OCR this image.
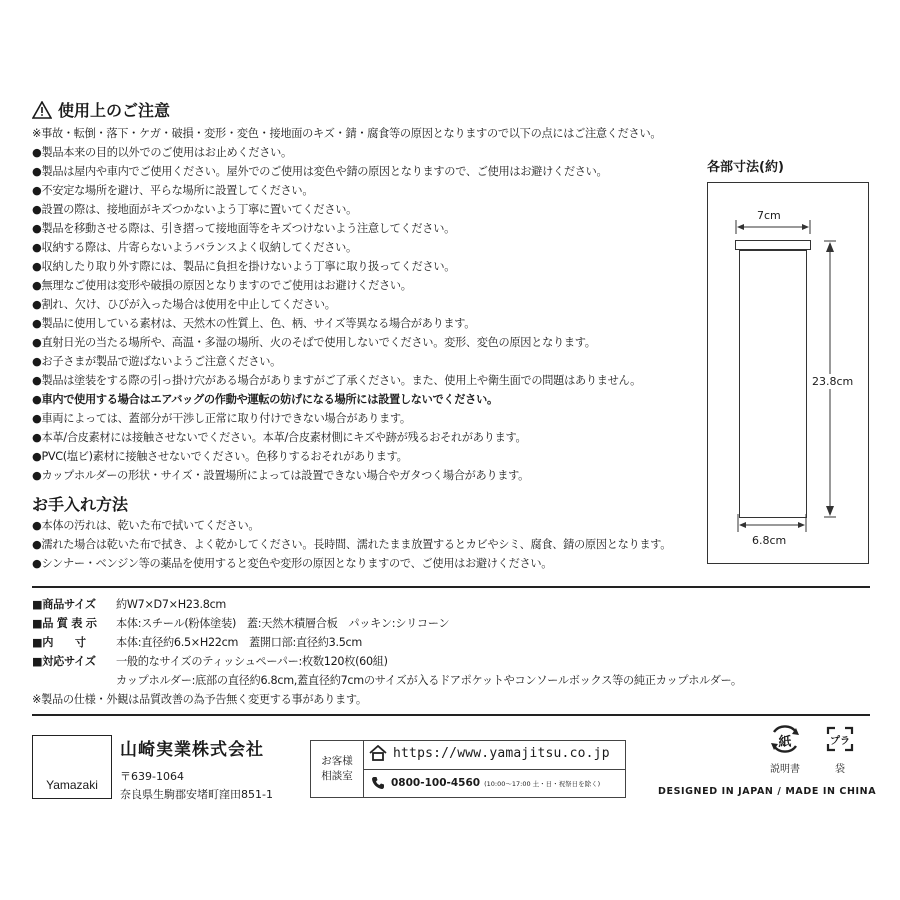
使用上のご注意
※事故・転倒・落下・ケガ・破損・変形・変色・接地面のキズ・錆・腐食等の原因となりますので以下の点にはご注意ください。
●製品本来の目的以外でのご使用はお止めください。
●製品は屋内や車内でご使用ください。屋外でのご使用は変色や錆の原因となりますので、ご使用はお避けください。
●不安定な場所を避け、平らな場所に設置してください。
●設置の際は、接地面がキズつかないよう丁寧に置いてください。
●製品を移動させる際は、引き摺って接地面等をキズつけないよう注意してください。
●収納する際は、片寄らないようバランスよく収納してください。
●収納したり取り外す際には、製品に負担を掛けないよう丁寧に取り扱ってください。
●無理なご使用は変形や破損の原因となりますのでご使用はお避けください。
●割れ、欠け、ひびが入った場合は使用を中止してください。
●製品に使用している素材は、天然木の性質上、色、柄、サイズ等異なる場合があります。
●直射日光の当たる場所や、高温・多湿の場所、火のそばで使用しないでください。変形、変色の原因となります。
●お子さまが製品で遊ばないようご注意ください。
●製品は塗装をする際の引っ掛け穴がある場合がありますがご了承ください。また、使用上や衛生面での問題はありません。
●車内で使用する場合はエアバッグの作動や運転の妨げになる場所には設置しないでください。
●車両によっては、蓋部分が干渉し正常に取り付けできない場合があります。
●本革/合皮素材には接触させないでください。本革/合皮素材側にキズや跡が残るおそれがあります。
●PVC(塩ビ)素材に接触させないでください。色移りするおそれがあります。
●カップホルダーの形状・サイズ・設置場所によっては設置できない場合やガタつく場合があります。
お手入れ方法
●本体の汚れは、乾いた布で拭いてください。
●濡れた場合は乾いた布で拭き、よく乾かしてください。長時間、濡れたまま放置するとカビやシミ、腐食、錆の原因となります。
●シンナー・ベンジン等の薬品を使用すると変色や変形の原因となりますので、ご使用はお避けください。
各部寸法(約)
7cm
23.8cm
6.8cm
■商品サイズ	約W7×D7×H23.8cm
■品 質 表 示	本体:スチール(粉体塗装)　蓋:天然木積層合板　パッキン:シリコーン
■内　　寸	本体:直径約6.5×H22cm　蓋開口部:直径約3.5cm
■対応サイズ	一般的なサイズのティッシュペーパー:枚数120枚(60組)
カップホルダー:底部の直径約6.8cm,蓋直径約7cmのサイズが入るドアポケットやコンソールボックス等の純正カップホルダー。
※製品の仕様・外観は品質改善の為予告無く変更する事があります。
Yamazaki
山崎実業株式会社
〒639-1064
奈良県生駒郡安堵町窪田851-1
お客様
相談室
https://www.yamajitsu.co.jp
0800-100-4560 (10:00〜17:00 土・日・祝祭日を除く)
紙
説明書
プラ
袋
DESIGNED IN JAPAN / MADE IN CHINA
